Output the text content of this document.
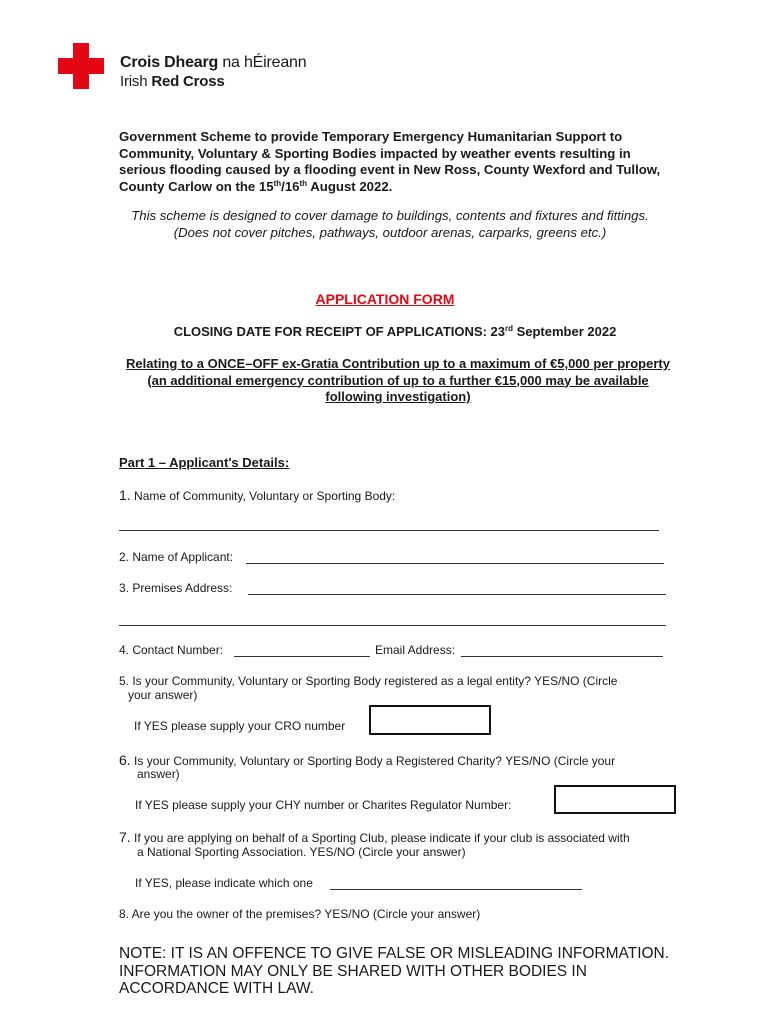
Crois Dhearg na hÉireann
Irish Red Cross
Government Scheme to provide Temporary Emergency Humanitarian Support to Community, Voluntary & Sporting Bodies impacted by weather events resulting in serious flooding caused by a flooding event in New Ross, County Wexford and Tullow, County Carlow on the 15th/16th August 2022.
This scheme is designed to cover damage to buildings, contents and fixtures and fittings. (Does not cover pitches, pathways, outdoor arenas, carparks, greens etc.)
APPLICATION FORM
CLOSING DATE FOR RECEIPT OF APPLICATIONS: 23rd September 2022
Relating to a ONCE–OFF ex-Gratia Contribution up to a maximum of €5,000 per property (an additional emergency contribution of up to a further €15,000 may be available following investigation)
Part 1 – Applicant's Details:
1. Name of Community, Voluntary or Sporting Body:
2. Name of Applicant:
3. Premises Address:
4. Contact Number:	Email Address:
5. Is your Community, Voluntary or Sporting Body registered as a legal entity? YES/NO (Circle
your answer)
If YES please supply your CRO number
6. Is your Community, Voluntary or Sporting Body a Registered Charity? YES/NO (Circle your
answer)
If YES please supply your CHY number or Charites Regulator Number:
7. If you are applying on behalf of a Sporting Club, please indicate if your club is associated with
a National Sporting Association. YES/NO (Circle your answer)
If YES, please indicate which one
8. Are you the owner of the premises? YES/NO (Circle your answer)
NOTE: IT IS AN OFFENCE TO GIVE FALSE OR MISLEADING INFORMATION. INFORMATION MAY ONLY BE SHARED WITH OTHER BODIES IN ACCORDANCE WITH LAW.
